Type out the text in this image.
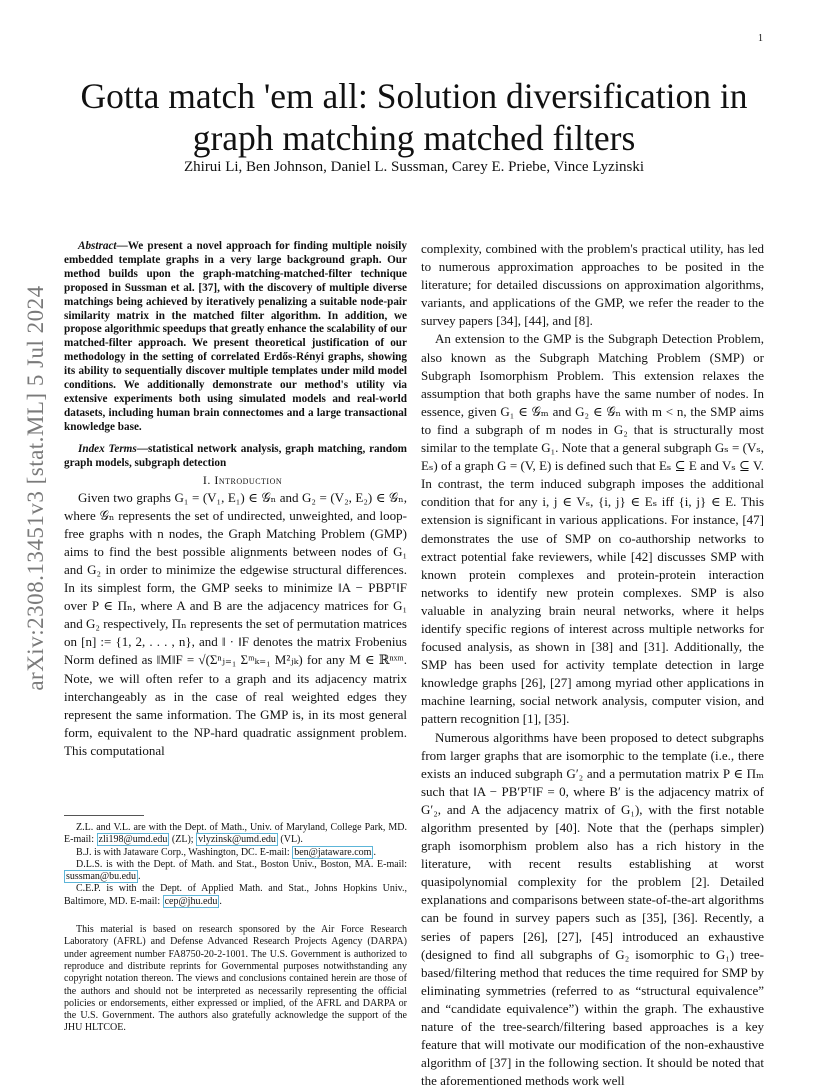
1
Gotta match 'em all: Solution diversification in graph matching matched filters
Zhirui Li, Ben Johnson, Daniel L. Sussman, Carey E. Priebe, Vince Lyzinski
arXiv:2308.13451v3 [stat.ML] 5 Jul 2024

Abstract—We present a novel approach for finding multiple noisily embedded template graphs in a very large background graph. Our method builds upon the graph-matching-matched-filter technique proposed in Sussman et al. [37], with the discovery of multiple diverse matchings being achieved by iteratively penalizing a suitable node-pair similarity matrix in the matched filter algorithm. In addition, we propose algorithmic speedups that greatly enhance the scalability of our matched-filter approach. We present theoretical justification of our methodology in the setting of correlated Erdős-Rényi graphs, showing its ability to sequentially discover multiple templates under mild model conditions. We additionally demonstrate our method's utility via extensive experiments both using simulated models and real-world datasets, including human brain connectomes and a large transactional knowledge base.

Index Terms—statistical network analysis, graph matching, random graph models, subgraph detection

I. Introduction

Given two graphs G₁ = (V₁, E₁) ∈ 𝒢ₙ and G₂ = (V₂, E₂) ∈ 𝒢ₙ, where 𝒢ₙ represents the set of undirected, unweighted, and loop-free graphs with n nodes, the Graph Matching Problem (GMP) aims to find the best possible alignments between nodes of G₁ and G₂ in order to minimize the edgewise structural differences. In its simplest form, the GMP seeks to minimize ‖A − PBPᵀ‖F over P ∈ Πₙ, where A and B are the adjacency matrices for G₁ and G₂ respectively, Πₙ represents the set of permutation matrices on [n] := {1, 2, . . . , n}, and ‖ · ‖F denotes the matrix Frobenius Norm defined as ‖M‖F = √(Σⁿⱼ₌₁ Σᵐₖ₌₁ M²ⱼₖ) for any M ∈ ℝⁿˣᵐ. Note, we will often refer to a graph and its adjacency matrix interchangeably as in the case of real weighted edges they represent the same information. The GMP is, in its most general form, equivalent to the NP-hard quadratic assignment problem. This computational

Z.L. and V.L. are with the Dept. of Math., Univ. of Maryland, College Park, MD. E-mail: zli198@umd.edu (ZL); vlyzinsk@umd.edu (VL).

B.J. is with Jataware Corp., Washington, DC. E-mail: ben@jataware.com .

D.L.S. is with the Dept. of Math. and Stat., Boston Univ., Boston, MA. E-mail: sussman@bu.edu .

C.E.P. is with the Dept. of Applied Math. and Stat., Johns Hopkins Univ., Baltimore, MD. E-mail: cep@jhu.edu .

This material is based on research sponsored by the Air Force Research Laboratory (AFRL) and Defense Advanced Research Projects Agency (DARPA) under agreement number FA8750-20-2-1001. The U.S. Government is authorized to reproduce and distribute reprints for Governmental purposes notwithstanding any copyright notation thereon. The views and conclusions contained herein are those of the authors and should not be interpreted as necessarily representing the official policies or endorsements, either expressed or implied, of the AFRL and DARPA or the U.S. Government. The authors also gratefully acknowledge the support of the JHU HLTCOE.

complexity, combined with the problem's practical utility, has led to numerous approximation approaches to be posited in the literature; for detailed discussions on approximation algorithms, variants, and applications of the GMP, we refer the reader to the survey papers [34], [44], and [8].

An extension to the GMP is the Subgraph Detection Problem, also known as the Subgraph Matching Problem (SMP) or Subgraph Isomorphism Problem. This extension relaxes the assumption that both graphs have the same number of nodes. In essence, given G₁ ∈ 𝒢ₘ and G₂ ∈ 𝒢ₙ with m < n, the SMP aims to find a subgraph of m nodes in G₂ that is structurally most similar to the template G₁. Note that a general subgraph Gₛ = (Vₛ, Eₛ) of a graph G = (V, E) is defined such that Eₛ ⊆ E and Vₛ ⊆ V. In contrast, the term induced subgraph imposes the additional condition that for any i, j ∈ Vₛ, {i, j} ∈ Eₛ iff {i, j} ∈ E. This extension is significant in various applications. For instance, [47] demonstrates the use of SMP on co-authorship networks to extract potential fake reviewers, while [42] discusses SMP with known protein complexes and protein-protein interaction networks to identify new protein complexes. SMP is also valuable in analyzing brain neural networks, where it helps identify specific regions of interest across multiple networks for focused analysis, as shown in [38] and [31]. Additionally, the SMP has been used for activity template detection in large knowledge graphs [26], [27] among myriad other applications in machine learning, social network analysis, computer vision, and pattern recognition [1], [35].

Numerous algorithms have been proposed to detect subgraphs from larger graphs that are isomorphic to the template (i.e., there exists an induced subgraph G′₂ and a permutation matrix P ∈ Πₘ such that ‖A − PB′Pᵀ‖F = 0, where B′ is the adjacency matrix of G′₂, and A the adjacency matrix of G₁), with the first notable algorithm presented by [40]. Note that the (perhaps simpler) graph isomorphism problem also has a rich history in the literature, with recent results establishing at worst quasipolynomial complexity for the problem [2]. Detailed explanations and comparisons between state-of-the-art algorithms can be found in survey papers such as [35], [36]. Recently, a series of papers [26], [27], [45] introduced an exhaustive (designed to find all subgraphs of G₂ isomorphic to G₁) tree-based/filtering method that reduces the time required for SMP by eliminating symmetries (referred to as “structural equivalence” and “candidate equivalence”) within the graph. The exhaustive nature of the tree-search/filtering based approaches is a key feature that will motivate our modification of the non-exhaustive algorithm of [37] in the following section. It should be noted that the aforementioned methods work well
